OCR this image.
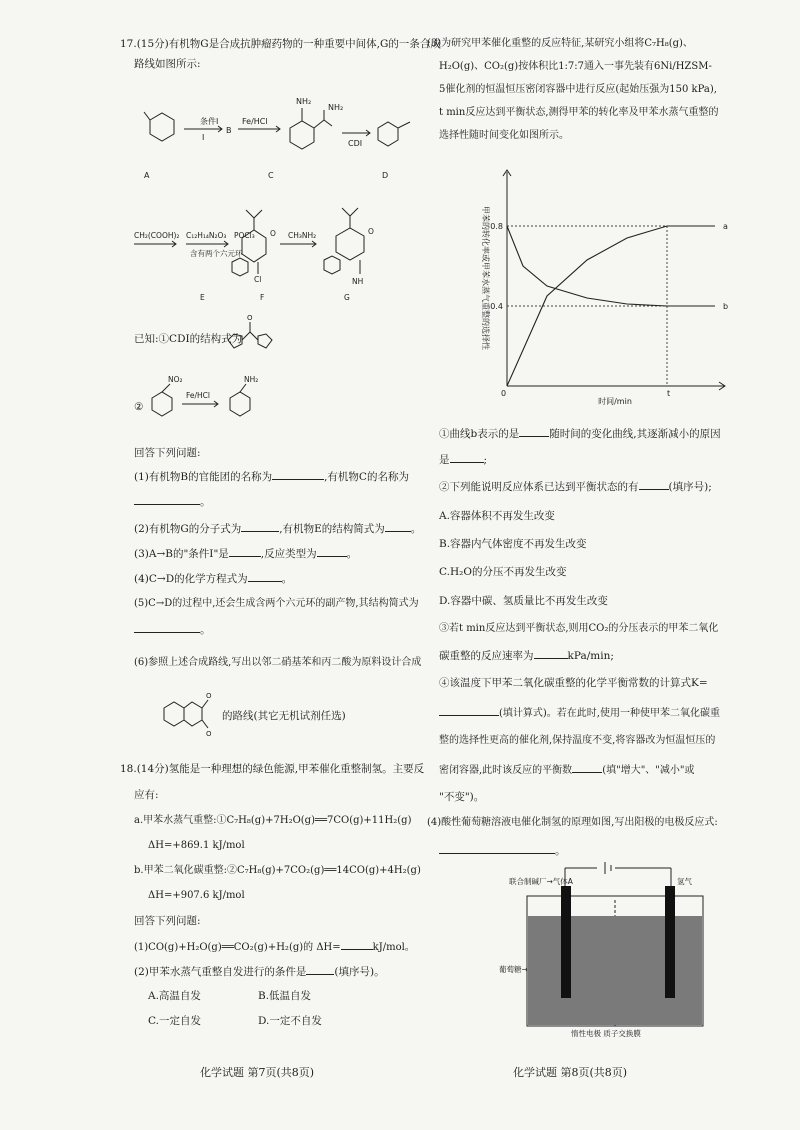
17.(15分)有机物G是合成抗肿瘤药物的一种重要中间体,G的一条合成
路线如图所示:
条件Ⅰ
Ⅰ
B
Fe/HCl
NH₂
NH₂
CDI
A	C	D
CH₂(COOH)₂ C₁₂H₁₄N₂O₃
含有两个六元环
POCl₃ O
Cl
CH₃NH₂	O
NH
E	F	G
已知:①CDI的结构式为
O
②
NO₂
Fe/HCl
NH₂
回答下列问题:
(1)有机物B的官能团的名称为	,有机物C的名称为
。
(2)有机物G的分子式为	,有机物E的结构简式为 。
(3)A→B的"条件Ⅰ"是	,反应类型为	。
(4)C→D的化学方程式为	。
(5)C→D的过程中,还会生成含两个六元环的副产物,其结构简式为
。
(6)参照上述合成路线,写出以邻二硝基苯和丙二酸为原料设计合成
O
O
的路线(其它无机试剂任选)
18.(14分)氢能是一种理想的绿色能源,甲苯催化重整制氢。主要反
应有:
a.甲苯水蒸气重整:①C₇H₈(g)+7H₂O(g)══7CO(g)+11H₂(g)
ΔH=+869.1 kJ/mol
b.甲苯二氧化碳重整:②C₇H₈(g)+7CO₂(g)══14CO(g)+4H₂(g)
ΔH=+907.6 kJ/mol
回答下列问题:
(1)CO(g)+H₂O(g)══CO₂(g)+H₂(g)的 ΔH=	kJ/mol。
(2)甲苯水蒸气重整自发进行的条件是	(填序号)。
A.高温自发	B.低温自发
C.一定自发	D.一定不自发
化学试题 第7页(共8页)
(3)为研究甲苯催化重整的反应特征,某研究小组将C₇H₈(g)、
H₂O(g)、CO₂(g)按体积比1:7:7通入一事先装有6Ni/HZSM-
5催化剂的恒温恒压密闭容器中进行反应(起始压强为150 kPa),
t min反应达到平衡状态,测得甲苯的转化率及甲苯水蒸气重整的
选择性随时间变化如图所示。
甲苯的转化率或甲苯水蒸气重整的选择性
时间/min
0.4
0.8
0	t
a
b
①曲线b表示的是	随时间的变化曲线,其逐渐减小的原因
是	;
②下列能说明反应体系已达到平衡状态的有	(填序号);
A.容器体积不再发生改变
B.容器内气体密度不再发生改变
C.H₂O的分压不再发生改变
D.容器中碳、氢质量比不再发生改变
③若t min反应达到平衡状态,则用CO₂的分压表示的甲苯二氧化
碳重整的反应速率为	kPa/min;
④该温度下甲苯二氧化碳重整的化学平衡常数的计算式K=
(填计算式)。若在此时,使用一种使甲苯二氧化碳重
整的选择性更高的催化剂,保持温度不变,将容器改为恒温恒压的
密闭容器,此时该反应的平衡数	(填"增大"、"减小"或
"不变")。
(4)酸性葡萄糖溶液电催化制氢的原理如图,写出阳极的电极反应式:
。
联合制碱厂→气体A	氢气
葡萄糖→
惰性电极 质子交换膜
化学试题 第8页(共8页)
